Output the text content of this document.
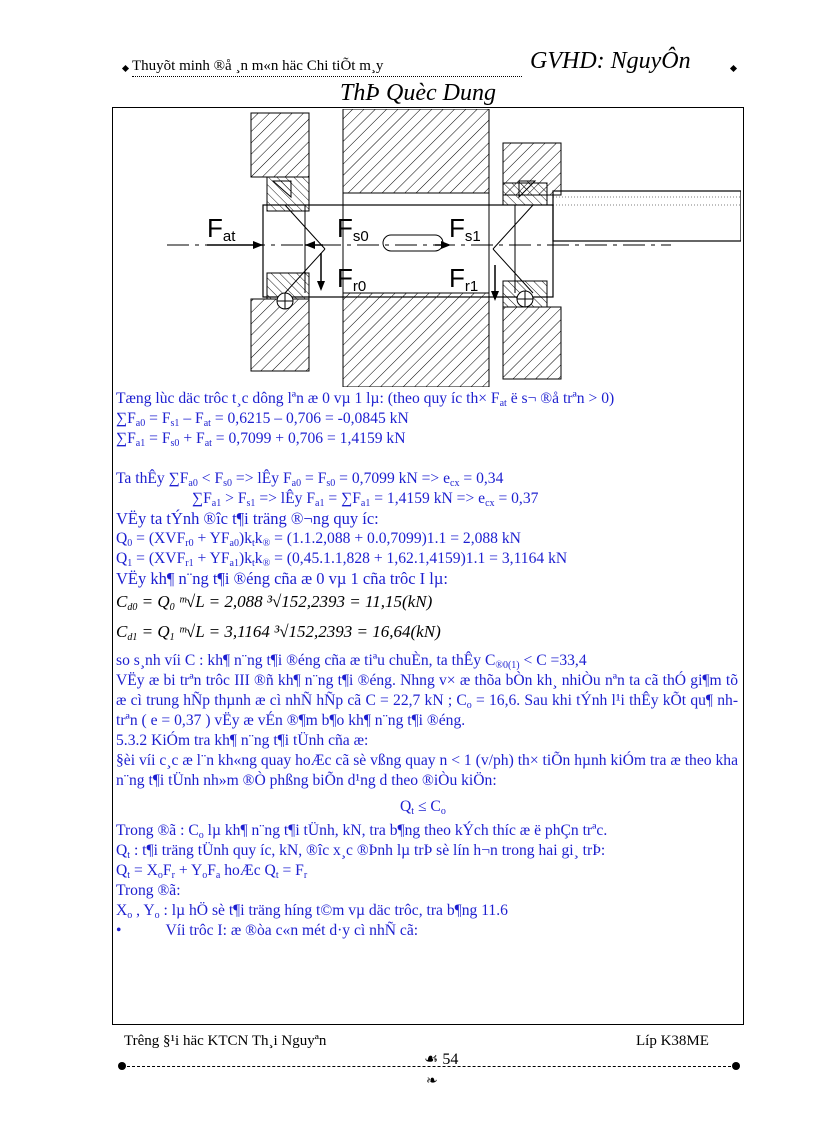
Thuyõt minh ®å ¸n m«n häc Chi tiÕt m¸y	GVHD: NguyÔn
ThÞ Quèc Dung
Fat	Fs0	Fs1
Fr0	Fr1
Tæng lùc däc trôc t¸c dông lªn æ 0 vµ 1 lµ: (theo quy íc $th\times F_{at}$ ë s¬ ®å trªn > 0)
$\sum F_{a0} = F_{s1} - F_{at} = 0,6215 - 0,706 = -0,0845$ kN
$\sum F_{a1} = F_{s0} + F_{at} = 0,7099 + 0,706 = 1,4159$ kN
Ta thÊy $\sum F_{a0} < F_{s0}$ => lÊy $F_{a0} = F_{s0} = 0,7099$ kN => $e_{cx} = 0,34$
$\sum F_{a1} > F_{s1}$ => lÊy $F_{a1} = \sum F_{a1} = 1,4159$ kN => $e_{cx} = 0,37$
VËy ta tÝnh ®îc t¶i träng ®¬ng quy íc:
$Q_0 = (XVF_{r0} + YF_{a0})k_tk_® = (1.1.2,088 + 0.0,7099)1.1 = 2,088$ kN
$Q_1 = (XVF_{r1} + YF_{a1})k_tk_® = (0,45.1.1,828 + 1,62.1,4159)1.1 = 3,1164$ kN
VËy kh¶ n¨ng t¶i ®éng cña æ 0 vµ 1 cña trôc I lµ:
$C_{d0} = Q_0$ ᵐ√L = 2,088 ³√152,2393 = 11,15(kN)
$C_{d1} = Q_1$ ᵐ√L = 3,1164 ³√152,2393 = 16,64(kN)
so s¸nh víi C : kh¶ n¨ng t¶i ®éng cña æ tiªu chuÈn, ta thÊy $C_{®0(1)} < C =33,4$
VËy æ bi trªn trôc III ®ñ kh¶ n¨ng t¶i ®éng. Nhng v× æ thõa bÒn kh¸ nhiÒu nªn ta cã thÓ gi¶m tõ æ cì trung hÑp thµnh æ cì nhÑ hÑp cã C = 22,7 kN ; $C_o = 16,6$. Sau khi tÝnh l¹i thÊy kÕt qu¶ nh trªn ( e = 0,37 ) vËy æ vÉn ®¶m b¶o kh¶ n¨ng t¶i ®éng.
5.3.2 KiÓm tra kh¶ n¨ng t¶i tÜnh cña æ:
§èi víi c¸c æ l¨n kh«ng quay hoÆc cã sè vßng quay n < 1 (v/ph) th× tiÕn hµnh kiÓm tra æ theo kha n¨ng t¶i tÜnh nh»m ®Ò phßng biÕn d¹ng d theo ®iÒu kiÖn:
$Q_t \le C_o$
Trong ®ã : $C_o$ lµ kh¶ n¨ng t¶i tÜnh, kN, tra b¶ng theo kÝch thíc æ ë phÇn trªc.
$Q_t$ : t¶i träng tÜnh quy íc, kN, ®îc x¸c ®Þnh lµ trÞ sè lín h¬n trong hai gi¸ trÞ:
$Q_t = X_oF_r + Y_oF_a$ hoÆc $Q_t = F_r$
Trong ®ã:
$X_o$ , $Y_o$ : lµ hÖ sè t¶i träng híng t©m vµ däc trôc, tra b¶ng 11.6
•	Víi trôc I: æ ®òa c«n mét d·y cì nhÑ cã:
Trêng §¹i häc KTCN Th¸i Nguyªn	Líp K38ME
☙ 54
❧
